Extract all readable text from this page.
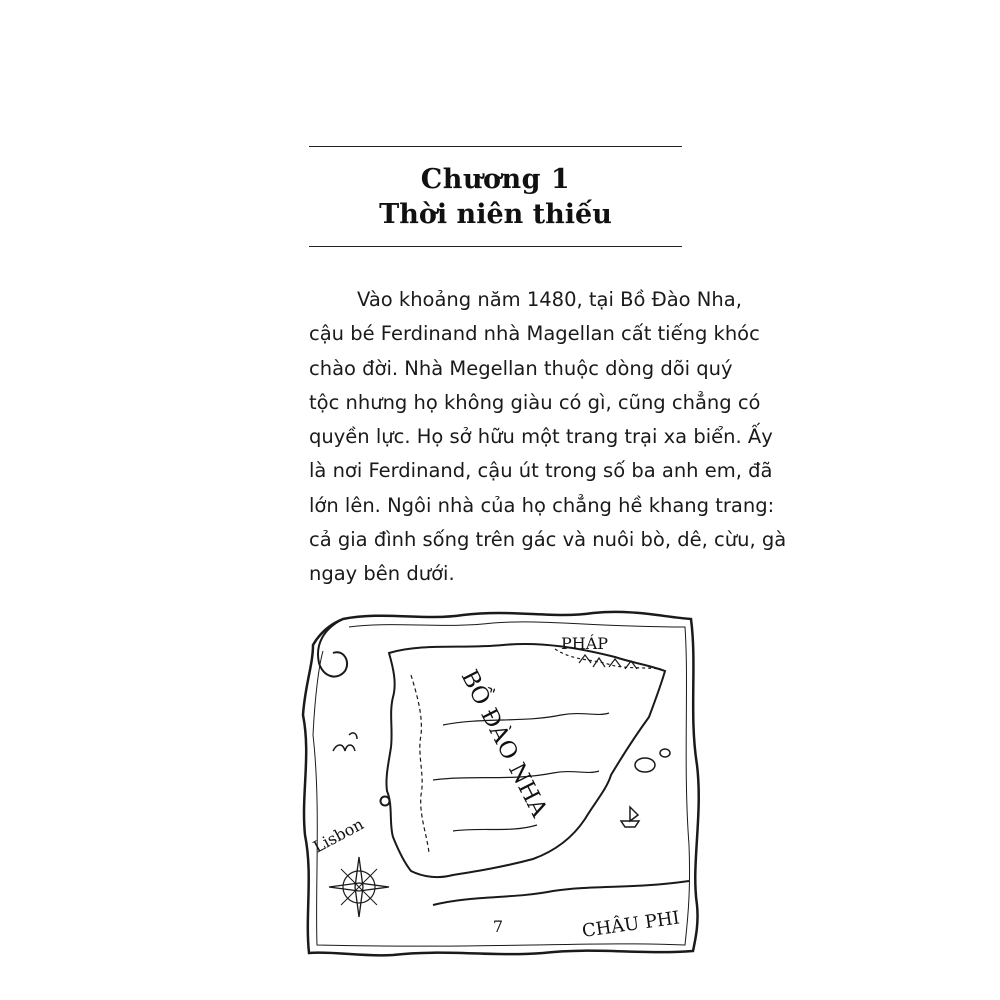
Chương 1
Thời niên thiếu
Vào khoảng năm 1480, tại Bồ Đào Nha,
cậu bé Ferdinand nhà Magellan cất tiếng khóc
chào đời. Nhà Megellan thuộc dòng dõi quý
tộc nhưng họ không giàu có gì, cũng chẳng có
quyền lực. Họ sở hữu một trang trại xa biển. Ấy
là nơi Ferdinand, cậu út trong số ba anh em, đã
lớn lên. Ngôi nhà của họ chẳng hề khang trang:
cả gia đình sống trên gác và nuôi bò, dê, cừu, gà
ngay bên dưới.
PHÁP
BỒ ĐÀO NHA
Lisbon
CHÂU PHI
7
